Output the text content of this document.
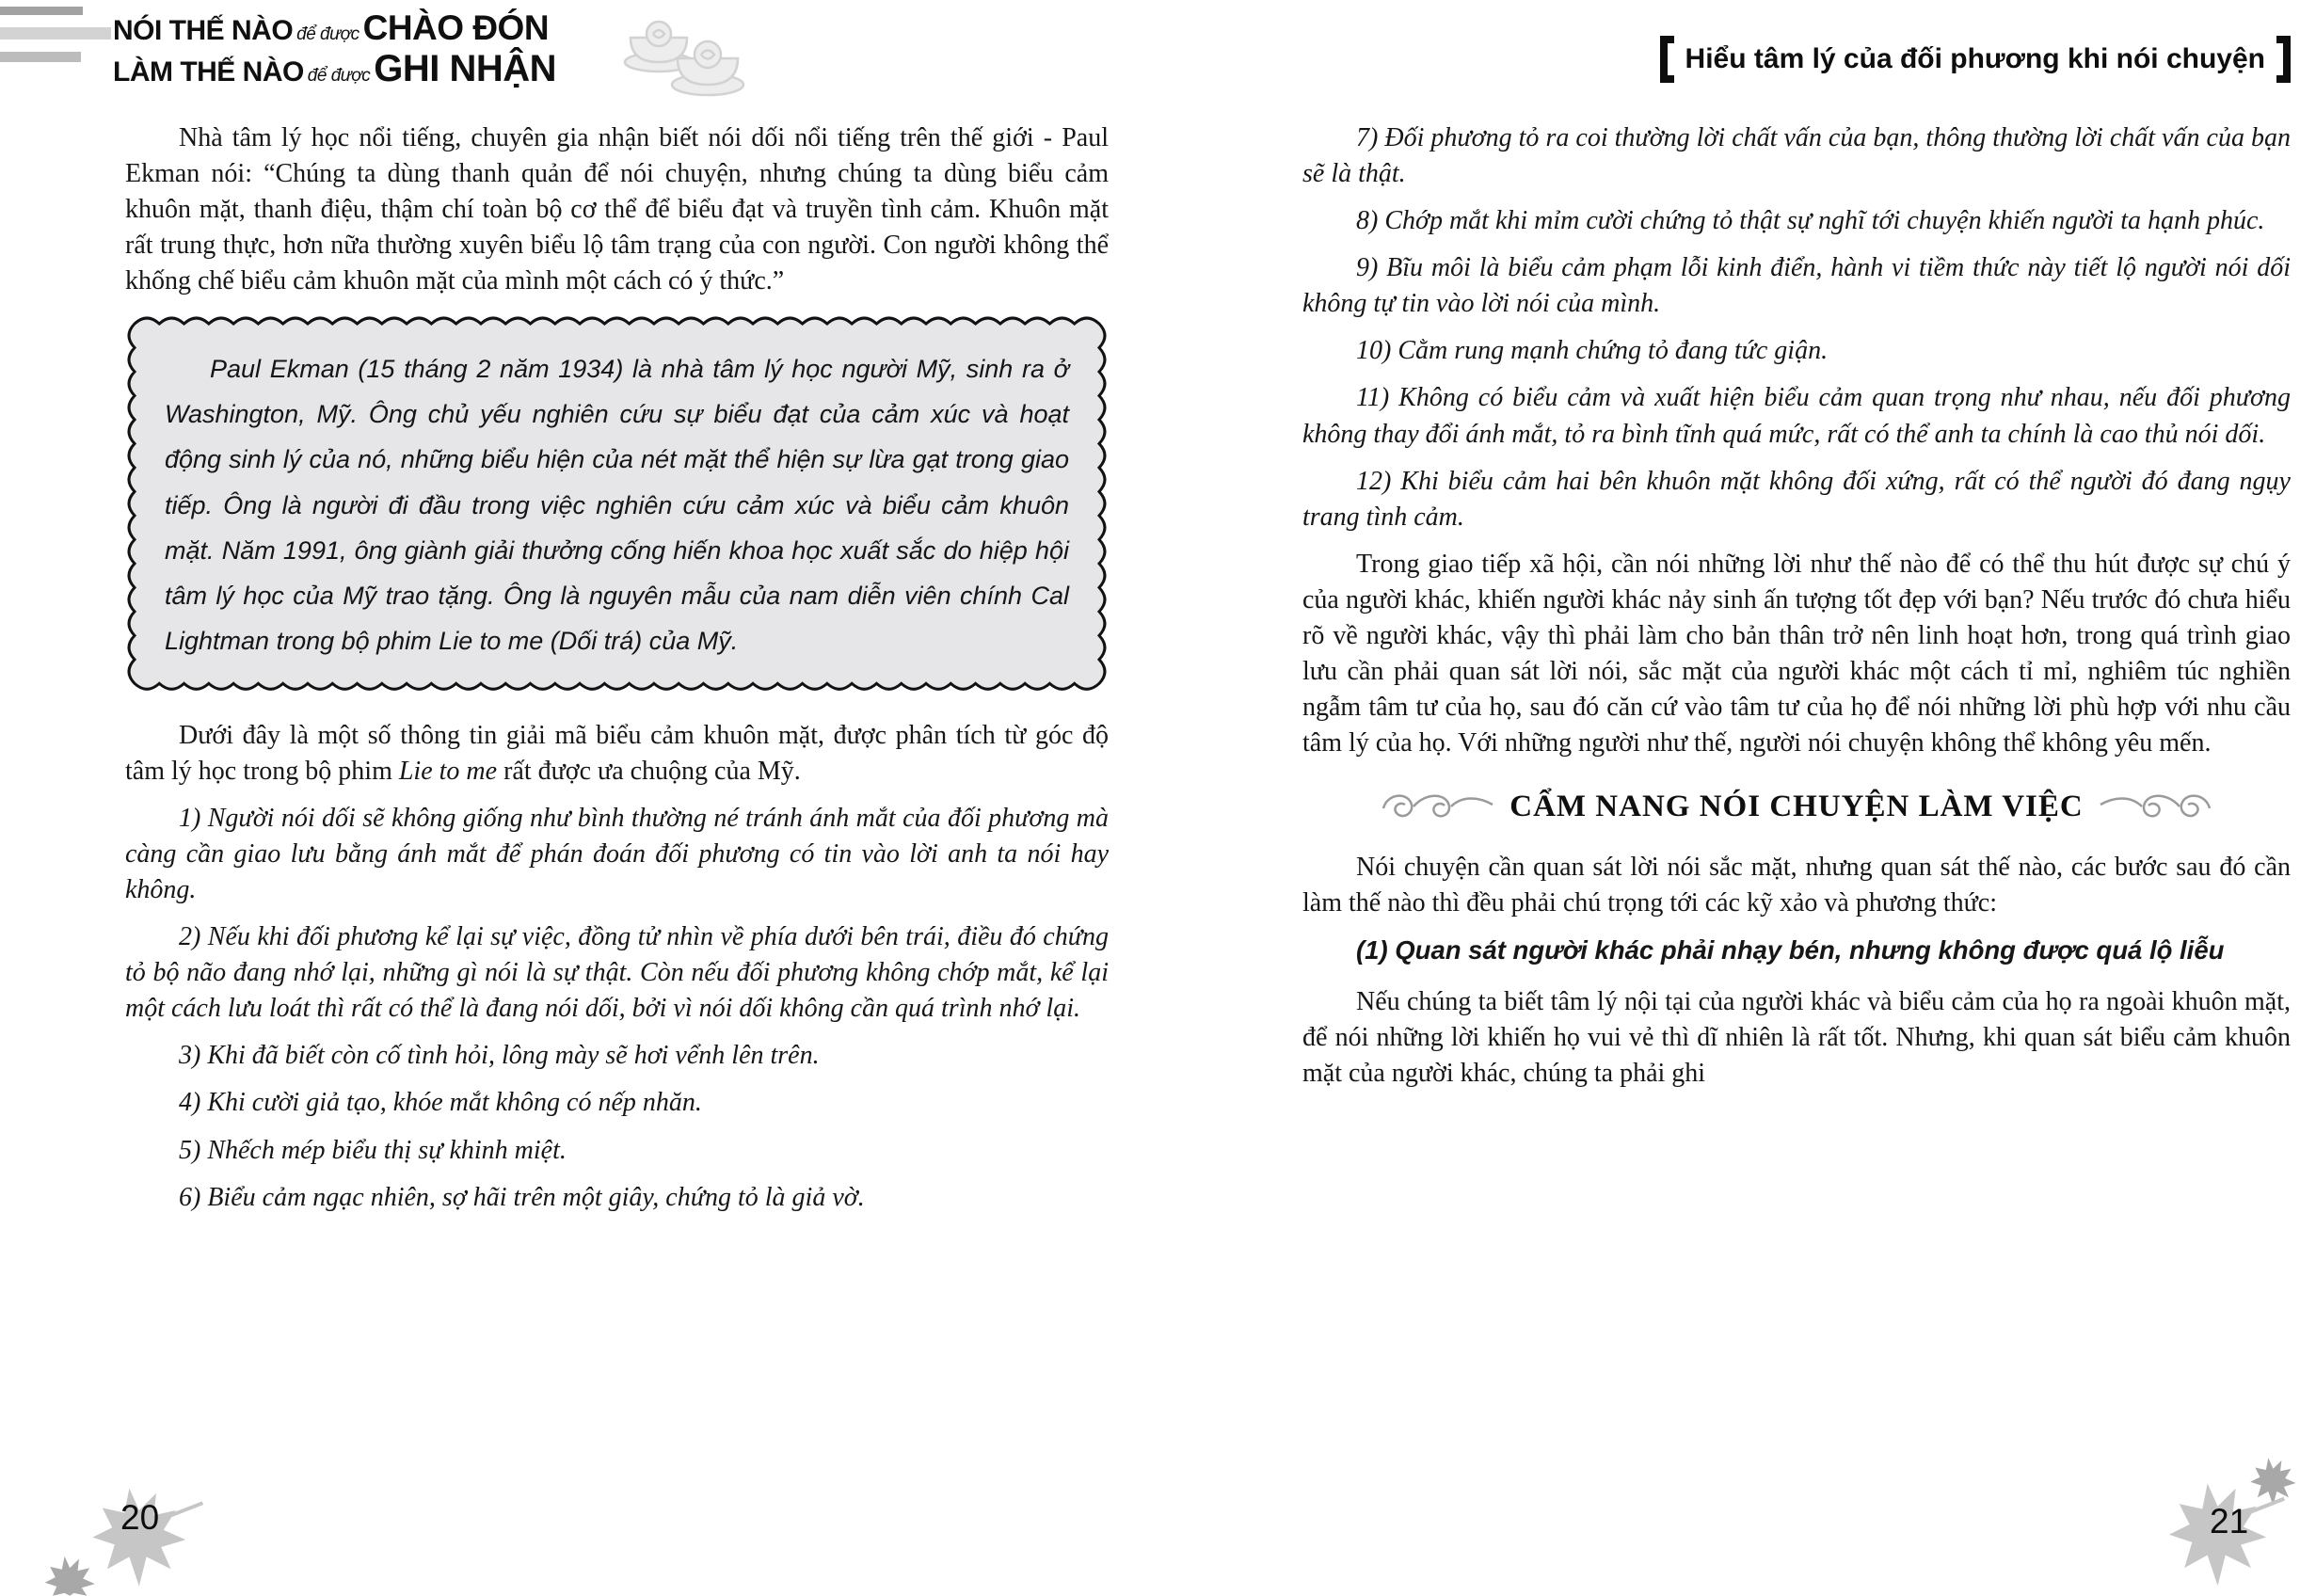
NÓI THẾ NÀO để được CHÀO ĐÓN
LÀM THẾ NÀO để được GHI NHẬN

Nhà tâm lý học nổi tiếng, chuyên gia nhận biết nói dối nổi tiếng trên thế giới - Paul Ekman nói: “Chúng ta dùng thanh quản để nói chuyện, nhưng chúng ta dùng biểu cảm khuôn mặt, thanh điệu, thậm chí toàn bộ cơ thể để biểu đạt và truyền tình cảm. Khuôn mặt rất trung thực, hơn nữa thường xuyên biểu lộ tâm trạng của con người. Con người không thể khống chế biểu cảm khuôn mặt của mình một cách có ý thức.”

Paul Ekman (15 tháng 2 năm 1934) là nhà tâm lý học người Mỹ, sinh ra ở Washington, Mỹ. Ông chủ yếu nghiên cứu sự biểu đạt của cảm xúc và hoạt động sinh lý của nó, những biểu hiện của nét mặt thể hiện sự lừa gạt trong giao tiếp. Ông là người đi đầu trong việc nghiên cứu cảm xúc và biểu cảm khuôn mặt. Năm 1991, ông giành giải thưởng cống hiến khoa học xuất sắc do hiệp hội tâm lý học của Mỹ trao tặng. Ông là nguyên mẫu của nam diễn viên chính Cal Lightman trong bộ phim Lie to me (Dối trá) của Mỹ.

Dưới đây là một số thông tin giải mã biểu cảm khuôn mặt, được phân tích từ góc độ tâm lý học trong bộ phim Lie to me rất được ưa chuộng của Mỹ.

1) Người nói dối sẽ không giống như bình thường né tránh ánh mắt của đối phương mà càng cần giao lưu bằng ánh mắt để phán đoán đối phương có tin vào lời anh ta nói hay không.

2) Nếu khi đối phương kể lại sự việc, đồng tử nhìn về phía dưới bên trái, điều đó chứng tỏ bộ não đang nhớ lại, những gì nói là sự thật. Còn nếu đối phương không chớp mắt, kể lại một cách lưu loát thì rất có thể là đang nói dối, bởi vì nói dối không cần quá trình nhớ lại.

3) Khi đã biết còn cố tình hỏi, lông mày sẽ hơi vểnh lên trên.

4) Khi cười giả tạo, khóe mắt không có nếp nhăn.

5) Nhếch mép biểu thị sự khinh miệt.

6) Biểu cảm ngạc nhiên, sợ hãi trên một giây, chứng tỏ là giả vờ.

20
Hiểu tâm lý của đối phương khi nói chuyện

7) Đối phương tỏ ra coi thường lời chất vấn của bạn, thông thường lời chất vấn của bạn sẽ là thật.

8) Chớp mắt khi mỉm cười chứng tỏ thật sự nghĩ tới chuyện khiến người ta hạnh phúc.

9) Bĩu môi là biểu cảm phạm lỗi kinh điển, hành vi tiềm thức này tiết lộ người nói dối không tự tin vào lời nói của mình.

10) Cằm rung mạnh chứng tỏ đang tức giận.

11) Không có biểu cảm và xuất hiện biểu cảm quan trọng như nhau, nếu đối phương không thay đổi ánh mắt, tỏ ra bình tĩnh quá mức, rất có thể anh ta chính là cao thủ nói dối.

12) Khi biểu cảm hai bên khuôn mặt không đối xứng, rất có thể người đó đang ngụy trang tình cảm.

Trong giao tiếp xã hội, cần nói những lời như thế nào để có thể thu hút được sự chú ý của người khác, khiến người khác nảy sinh ấn tượng tốt đẹp với bạn? Nếu trước đó chưa hiểu rõ về người khác, vậy thì phải làm cho bản thân trở nên linh hoạt hơn, trong quá trình giao lưu cần phải quan sát lời nói, sắc mặt của người khác một cách tỉ mỉ, nghiêm túc nghiền ngẫm tâm tư của họ, sau đó căn cứ vào tâm tư của họ để nói những lời phù hợp với nhu cầu tâm lý của họ. Với những người như thế, người nói chuyện không thể không yêu mến.

CẨM NANG NÓI CHUYỆN LÀM VIỆC

Nói chuyện cần quan sát lời nói sắc mặt, nhưng quan sát thế nào, các bước sau đó cần làm thế nào thì đều phải chú trọng tới các kỹ xảo và phương thức:

(1) Quan sát người khác phải nhạy bén, nhưng không được quá lộ liễu

Nếu chúng ta biết tâm lý nội tại của người khác và biểu cảm của họ ra ngoài khuôn mặt, để nói những lời khiến họ vui vẻ thì dĩ nhiên là rất tốt. Nhưng, khi quan sát biểu cảm khuôn mặt của người khác, chúng ta phải ghi

21
